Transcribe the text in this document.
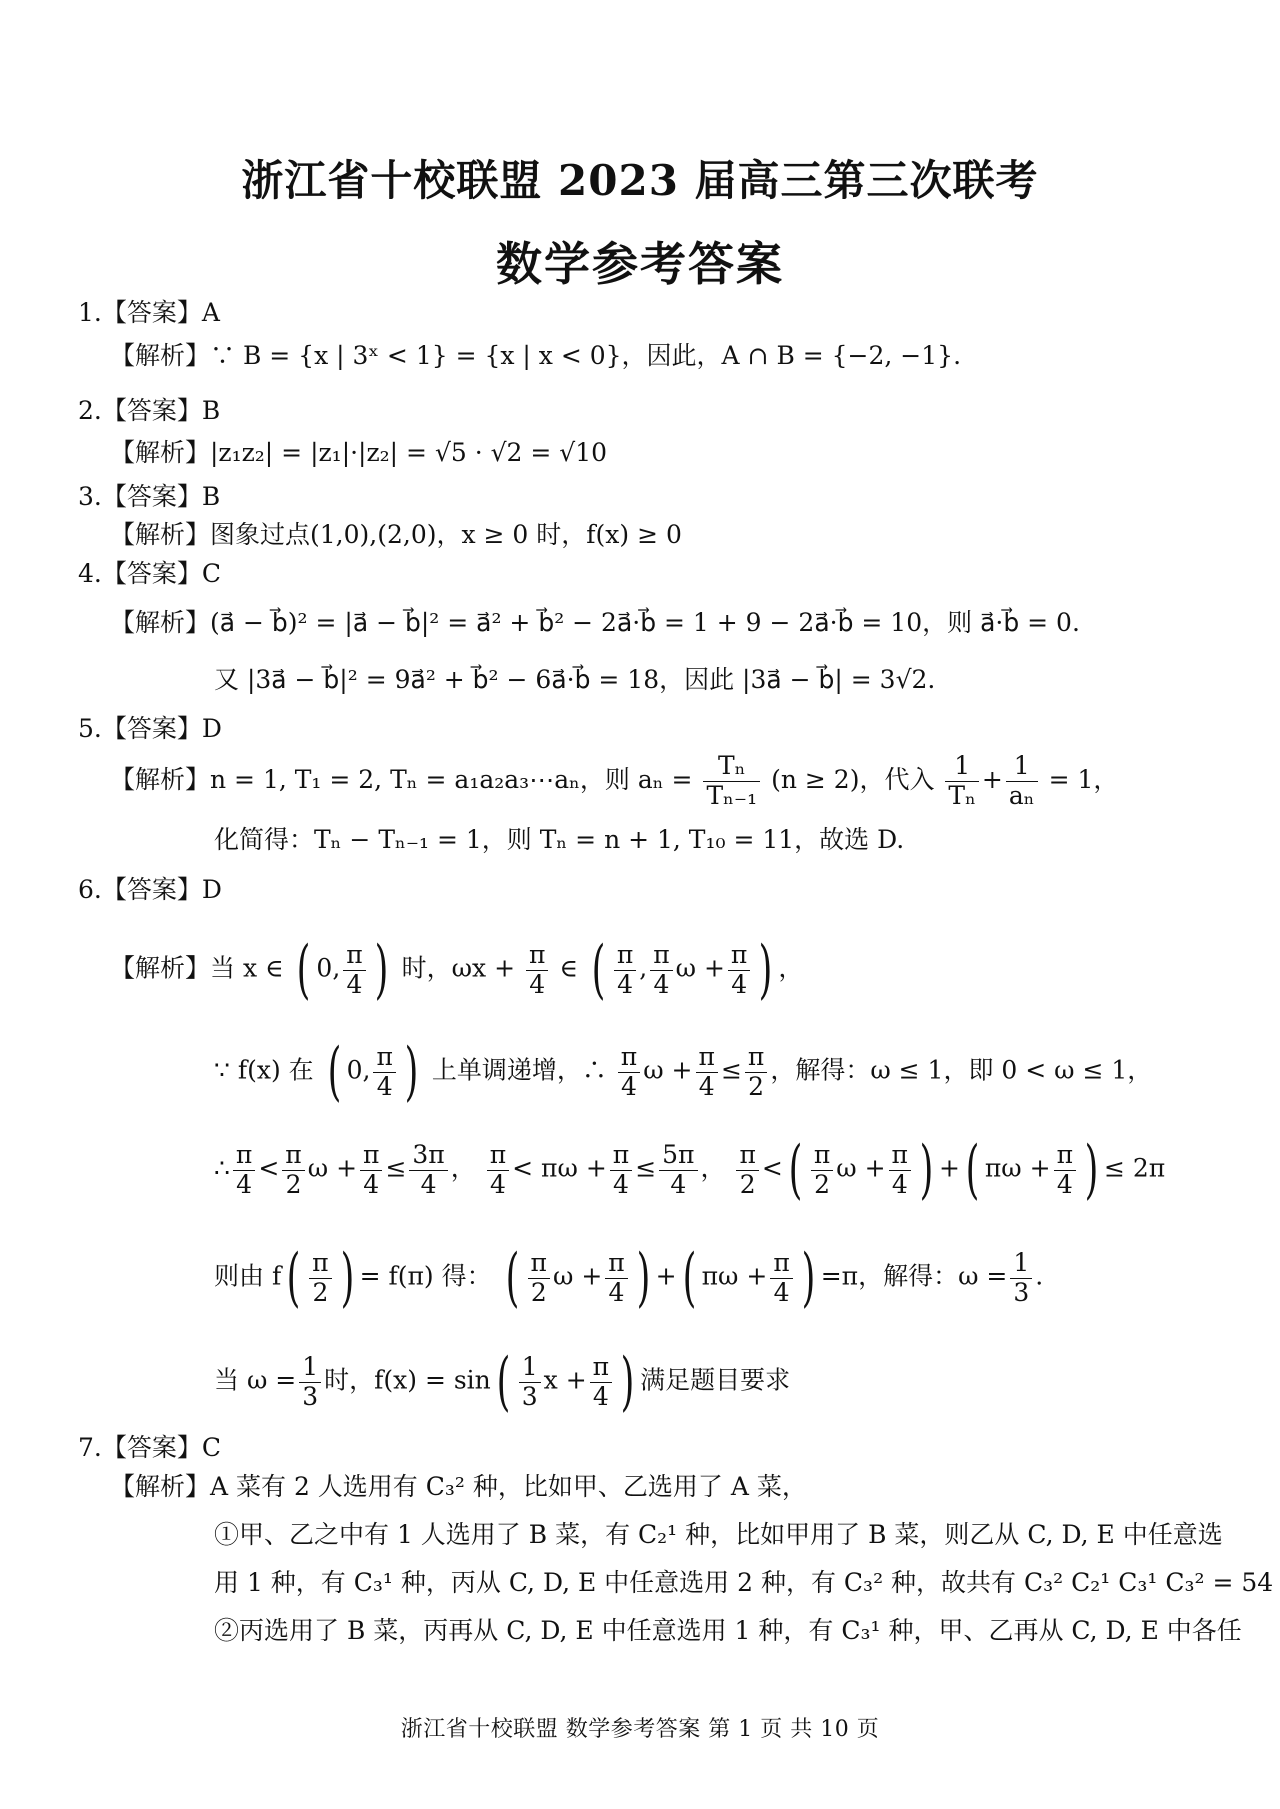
浙江省十校联盟 2023 届高三第三次联考
数学参考答案
1.【答案】A
【解析】∵ B = {x | 3ˣ < 1} = {x | x < 0}，因此，A ∩ B = {−2, −1}.
2.【答案】B
【解析】|z₁z₂| = |z₁|·|z₂| = √5 · √2 = √10
3.【答案】B
【解析】图象过点(1,0),(2,0)，x ≥ 0 时，f(x) ≥ 0
4.【答案】C
【解析】(a⃗ − b⃗)² = |a⃗ − b⃗|² = a⃗² + b⃗² − 2a⃗·b⃗ = 1 + 9 − 2a⃗·b⃗ = 10，则 a⃗·b⃗ = 0.
又 |3a⃗ − b⃗|² = 9a⃗² + b⃗² − 6a⃗·b⃗ = 18，因此 |3a⃗ − b⃗| = 3√2.
5.【答案】D
【解析】n = 1, T₁ = 2, Tₙ = a₁a₂a₃⋯aₙ，则 $a_n = \frac{\text{Tₙ}}{\text{Tₙ₋₁}} (n \ge 2)$，代入 $\frac{1}{\text{Tₙ}} + \frac{1}{\text{aₙ}} = 1$，
化简得：Tₙ − Tₙ₋₁ = 1，则 Tₙ = n + 1, T₁₀ = 11，故选 D.
6.【答案】D
【解析】当 x ∈ ( 0, $\frac{\pi}{4}$ ) 时，$\omega x + \frac{\pi}{4}$ ∈ ( $\frac{\pi}{4}$ , $\frac{\pi}{4}$ $\omega + \frac{\pi}{4}$ ) ，
∵ f(x) 在 ( 0, $\frac{\pi}{4}$ ) 上单调递增，∴ $\frac{\pi}{4}$ $\omega + \frac{\pi}{4} \le \frac{\pi}{2}$ ，解得：ω ≤ 1，即 0 < ω ≤ 1，
∴ $\frac{\pi}{4} < \frac{\pi}{2}$ $\omega + \frac{\pi}{4} \le \frac{3\pi}{4}$ ， $\frac{\pi}{4} < \pi\omega + \frac{\pi}{4} \le \frac{5\pi}{4}$ ， $\frac{\pi}{2}$ <( $\frac{\pi}{2}$ $\omega + \frac{\pi}{4}$ ) +( $\pi\omega + \frac{\pi}{4}$ ) ≤ 2π
则由 $f( \frac{\pi}{2}$ ) = f(π) 得： ( $\frac{\pi}{2}$ $\omega + \frac{\pi}{4}$ ) +( $\pi\omega + \frac{\pi}{4}$ ) =π，解得：$\omega = \frac{1}{3}$ .
当 $\omega = \frac{1}{3}$ 时，$f(x) = \sin( \frac{1}{3}$ $x + \frac{\pi}{4}$ ) 满足题目要求
7.【答案】C
【解析】A 菜有 2 人选用有 C₃² 种，比如甲、乙选用了 A 菜，
①甲、乙之中有 1 人选用了 B 菜，有 C₂¹ 种，比如甲用了 B 菜，则乙从 C, D, E 中任意选
用 1 种，有 C₃¹ 种，丙从 C, D, E 中任意选用 2 种，有 C₃² 种，故共有 C₃² C₂¹ C₃¹ C₃² = 54
②丙选用了 B 菜，丙再从 C, D, E 中任意选用 1 种，有 C₃¹ 种，甲、乙再从 C, D, E 中各任
浙江省十校联盟 数学参考答案 第 1 页 共 10 页
